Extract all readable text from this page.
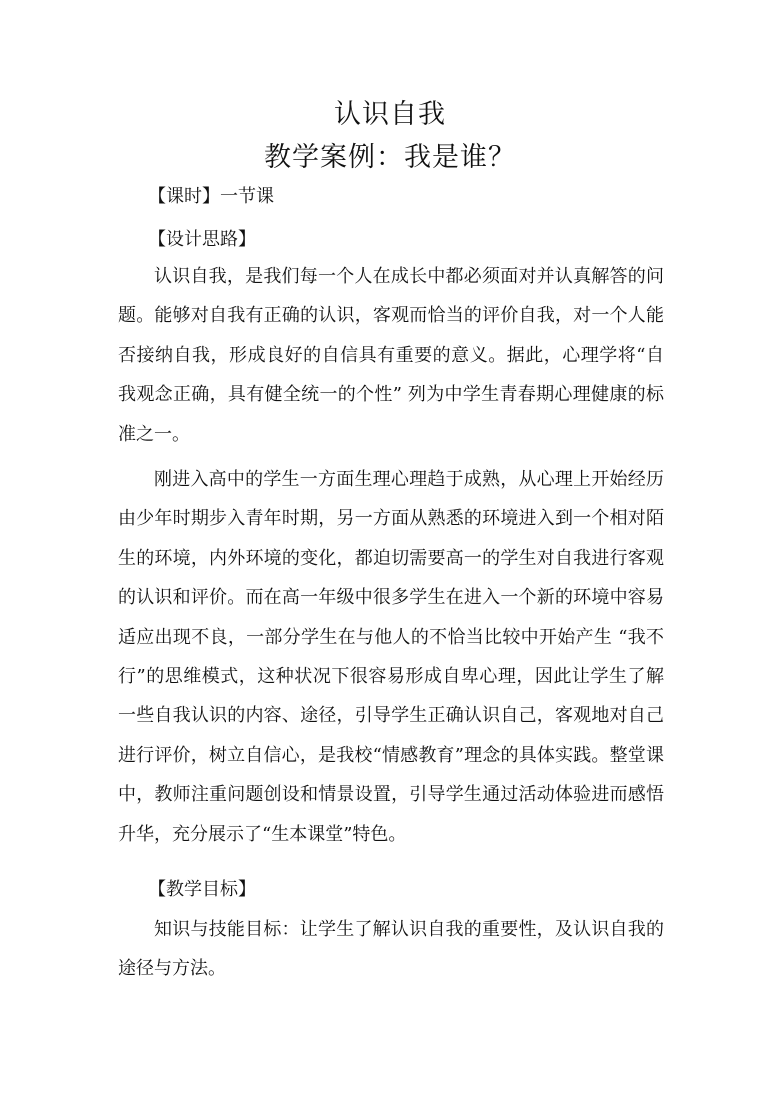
认识自我
教学案例：我是谁？
【课时】一节课
【设计思路】

认识自我，是我们每一个人在成长中都必须面对并认真解答的问题。能够对自我有正确的认识，客观而恰当的评价自我，对一个人能否接纳自我，形成良好的自信具有重要的意义。据此，心理学将“自我观念正确，具有健全统一的个性” 列为中学生青春期心理健康的标准之一。

刚进入高中的学生一方面生理心理趋于成熟，从心理上开始经历由少年时期步入青年时期，另一方面从熟悉的环境进入到一个相对陌生的环境，内外环境的变化，都迫切需要高一的学生对自我进行客观的认识和评价。而在高一年级中很多学生在进入一个新的环境中容易适应出现不良，一部分学生在与他人的不恰当比较中开始产生 “我不行”的思维模式，这种状况下很容易形成自卑心理，因此让学生了解一些自我认识的内容、途径，引导学生正确认识自己，客观地对自己进行评价，树立自信心，是我校“情感教育”理念的具体实践。整堂课中，教师注重问题创设和情景设置，引导学生通过活动体验进而感悟升华，充分展示了“生本课堂”特色。

【教学目标】

知识与技能目标：让学生了解认识自我的重要性，及认识自我的途径与方法。
